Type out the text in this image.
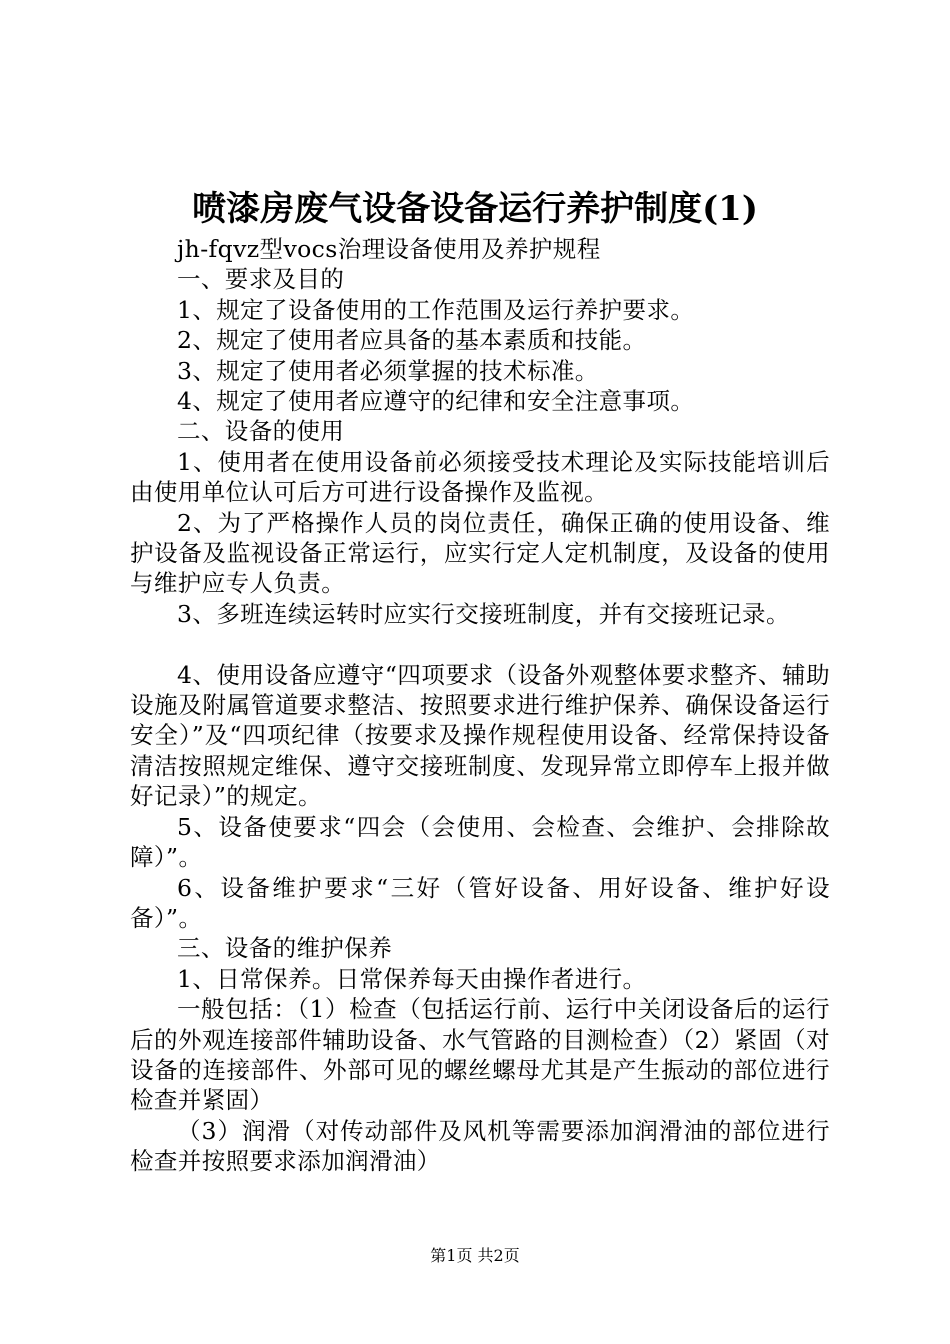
喷漆房废气设备设备运行养护制度(1)

jh-fqvz型vocs治理设备使用及养护规程

一、要求及目的

1、规定了设备使用的工作范围及运行养护要求。

2、规定了使用者应具备的基本素质和技能。

3、规定了使用者必须掌握的技术标准。

4、规定了使用者应遵守的纪律和安全注意事项。

二、设备的使用

1、使用者在使用设备前必须接受技术理论及实际技能培训后由使用单位认可后方可进行设备操作及监视。

2、为了严格操作人员的岗位责任，确保正确的使用设备、维护设备及监视设备正常运行，应实行定人定机制度，及设备的使用与维护应专人负责。

3、多班连续运转时应实行交接班制度，并有交接班记录。

4、使用设备应遵守“四项要求（设备外观整体要求整齐、辅助设施及附属管道要求整洁、按照要求进行维护保养、确保设备运行安全）”及“四项纪律（按要求及操作规程使用设备、经常保持设备清洁按照规定维保、遵守交接班制度、发现异常立即停车上报并做好记录）”的规定。

5、设备使要求“四会（会使用、会检查、会维护、会排除故障）”。

6、设备维护要求“三好（管好设备、用好设备、维护好设备）”。

三、设备的维护保养

1、日常保养。日常保养每天由操作者进行。

一般包括：（1）检查（包括运行前、运行中关闭设备后的运行后的外观连接部件辅助设备、水气管路的目测检查）（2）紧固（对设备的连接部件、外部可见的螺丝螺母尤其是产生振动的部位进行检查并紧固）

（3）润滑（对传动部件及风机等需要添加润滑油的部位进行检查并按照要求添加润滑油）

第1页 共2页
